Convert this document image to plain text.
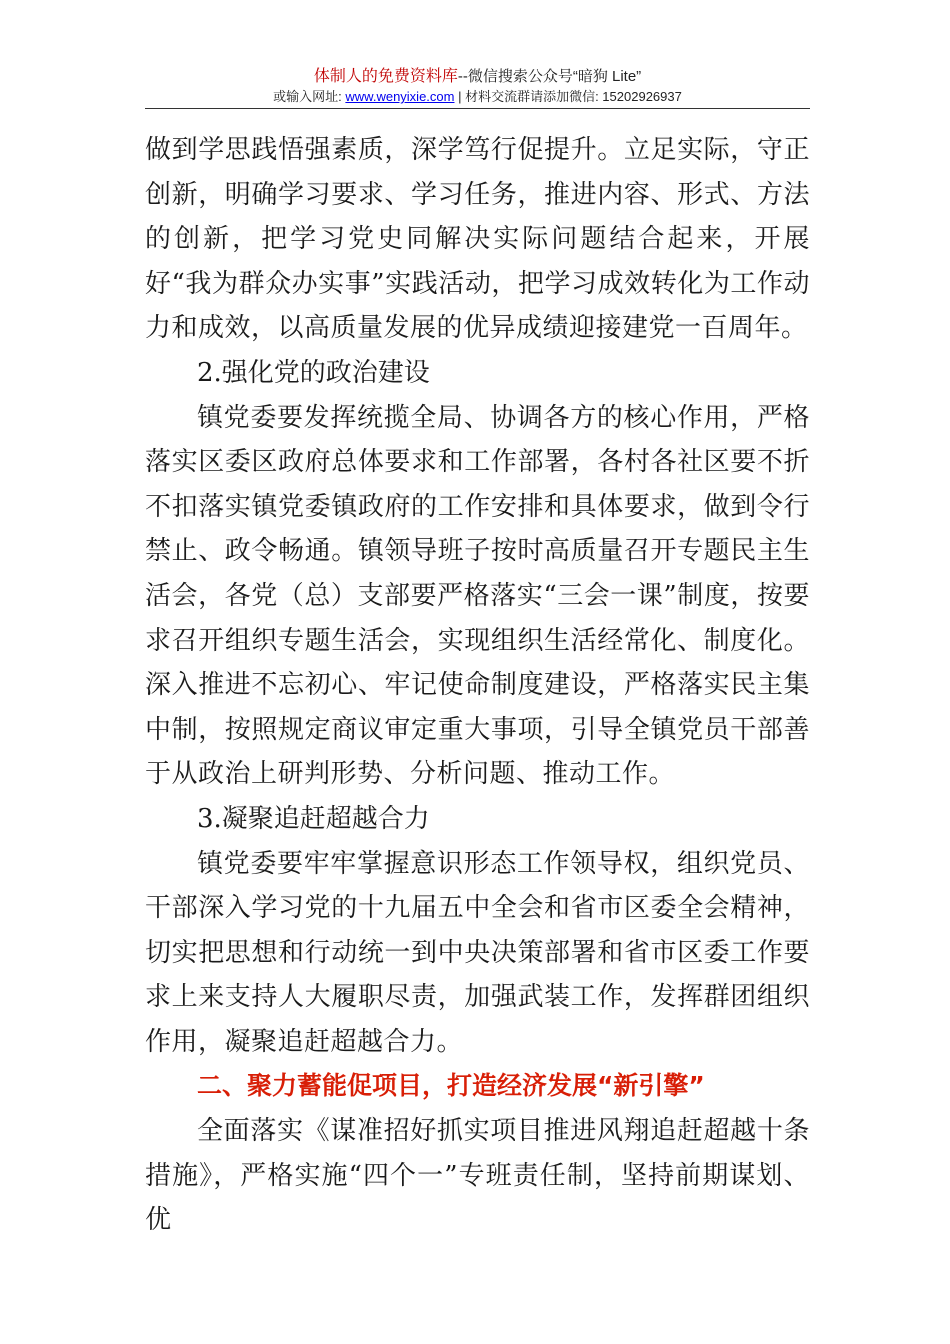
体制人的免费资料库--微信搜索公众号“暗狗 Lite”
或输入网址: www.wenyixie.com | 材料交流群请添加微信: 15202926937

做到学思践悟强素质，深学笃行促提升。立足实际，守正创新，明确学习要求、学习任务，推进内容、形式、方法的创新，把学习党史同解决实际问题结合起来，开展好“我为群众办实事”实践活动，把学习成效转化为工作动力和成效，以高质量发展的优异成绩迎接建党一百周年。

2.强化党的政治建设

镇党委要发挥统揽全局、协调各方的核心作用，严格落实区委区政府总体要求和工作部署，各村各社区要不折不扣落实镇党委镇政府的工作安排和具体要求，做到令行禁止、政令畅通。镇领导班子按时高质量召开专题民主生活会，各党（总）支部要严格落实“三会一课”制度，按要求召开组织专题生活会，实现组织生活经常化、制度化。深入推进不忘初心、牢记使命制度建设，严格落实民主集中制，按照规定商议审定重大事项，引导全镇党员干部善于从政治上研判形势、分析问题、推动工作。

3.凝聚追赶超越合力

镇党委要牢牢掌握意识形态工作领导权，组织党员、干部深入学习党的十九届五中全会和省市区委全会精神，切实把思想和行动统一到中央决策部署和省市区委工作要求上来支持人大履职尽责，加强武装工作，发挥群团组织作用，凝聚追赶超越合力。

二、聚力蓄能促项目，打造经济发展“新引擎”

全面落实《谋准招好抓实项目推进风翔追赶超越十条措施》，严格实施“四个一”专班责任制，坚持前期谋划、优
